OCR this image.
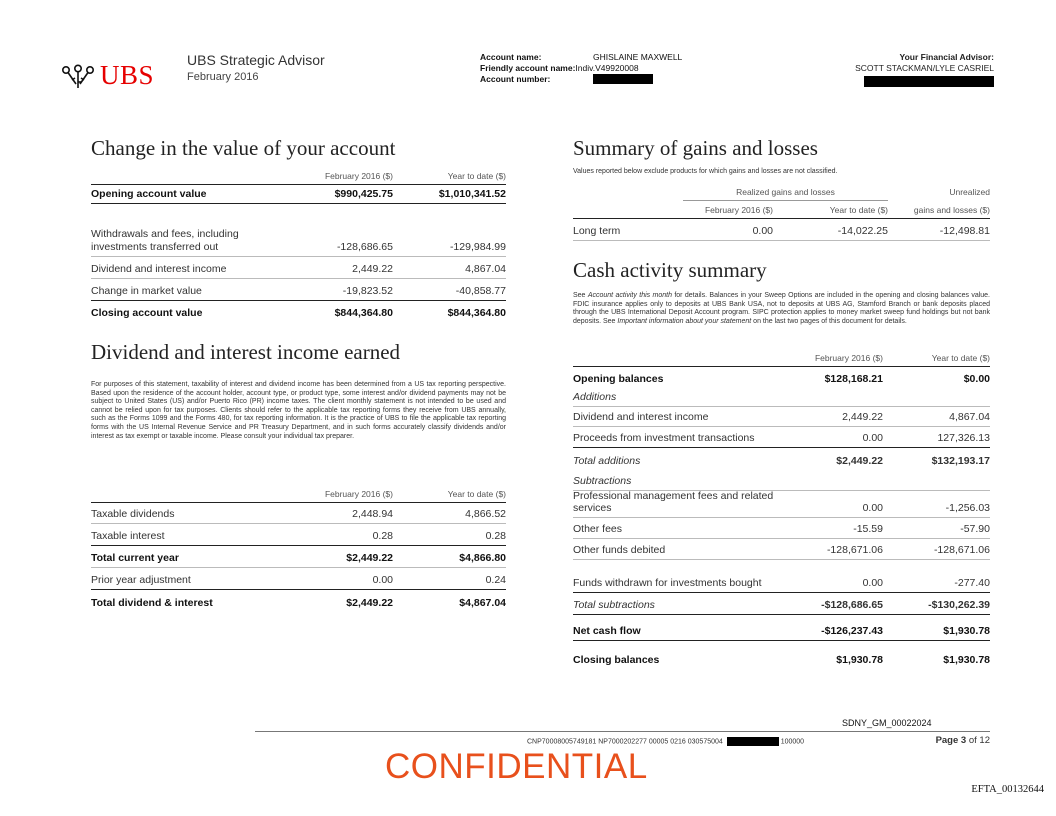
UBS UBS Strategic Advisor
February 2016
Account name:	GHISLAINE MAXWELL
Friendly account name: Indiv.V49920008
Account number:
Your Financial Advisor:
SCOTT STACKMAN/LYLE CASRIEL
Change in the value of your account
February 2016 ($)	Year to date ($)
Opening account value	$990,425.75	$1,010,341.52
Withdrawals and fees, including investments transferred out	-128,686.65	-129,984.99
Dividend and interest income	2,449.22	4,867.04
Change in market value	-19,823.52	-40,858.77
Closing account value	$844,364.80	$844,364.80
Dividend and interest income earned
For purposes of this statement, taxability of interest and dividend income has been determined from a US tax reporting perspective. Based upon the residence of the account holder, account type, or product type, some interest and/or dividend payments may not be subject to United States (US) and/or Puerto Rico (PR) income taxes. The client monthly statement is not intended to be used and cannot be relied upon for tax purposes. Clients should refer to the applicable tax reporting forms they receive from UBS annually, such as the Forms 1099 and the Forms 480, for tax reporting information. It is the practice of UBS to file the applicable tax reporting forms with the US Internal Revenue Service and PR Treasury Department, and in such forms accurately classify dividends and/or interest as tax exempt or taxable income. Please consult your individual tax preparer.
February 2016 ($)	Year to date ($)
Taxable dividends	2,448.94	4,866.52
Taxable interest	0.28	0.28
Total current year	$2,449.22	$4,866.80
Prior year adjustment	0.00	0.24
Total dividend & interest	$2,449.22	$4,867.04
Summary of gains and losses
Values reported below exclude products for which gains and losses are not classified.
Realized gains and losses	Unrealized
February 2016 ($)	Year to date ($)	gains and losses ($)
Long term	0.00	-14,022.25	-12,498.81
Cash activity summary
See Account activity this month for details. Balances in your Sweep Options are included in the opening and closing balances value. FDIC insurance applies only to deposits at UBS Bank USA, not to deposits at UBS AG, Stamford Branch or bank deposits placed through the UBS International Deposit Account program. SIPC protection applies to money market sweep fund holdings but not bank deposits. See Important information about your statement on the last two pages of this document for details.
February 2016 ($)	Year to date ($)
Opening balances	$128,168.21	$0.00
Additions
Dividend and interest income	2,449.22	4,867.04
Proceeds from investment transactions	0.00	127,326.13
Total additions	$2,449.22	$132,193.17
Subtractions
Professional management fees and related services	0.00	-1,256.03
Other fees	-15.59	-57.90
Other funds debited	-128,671.06	-128,671.06
Funds withdrawn for investments bought	0.00	-277.40
Total subtractions	-$128,686.65	-$130,262.39
Net cash flow	-$126,237.43	$1,930.78
Closing balances	$1,930.78	$1,930.78
SDNY_GM_00022024
CNP70008005749181 NP7000202277 00005 0216 030575004	100000	Page 3 of 12
CONFIDENTIAL
EFTA_00132644
